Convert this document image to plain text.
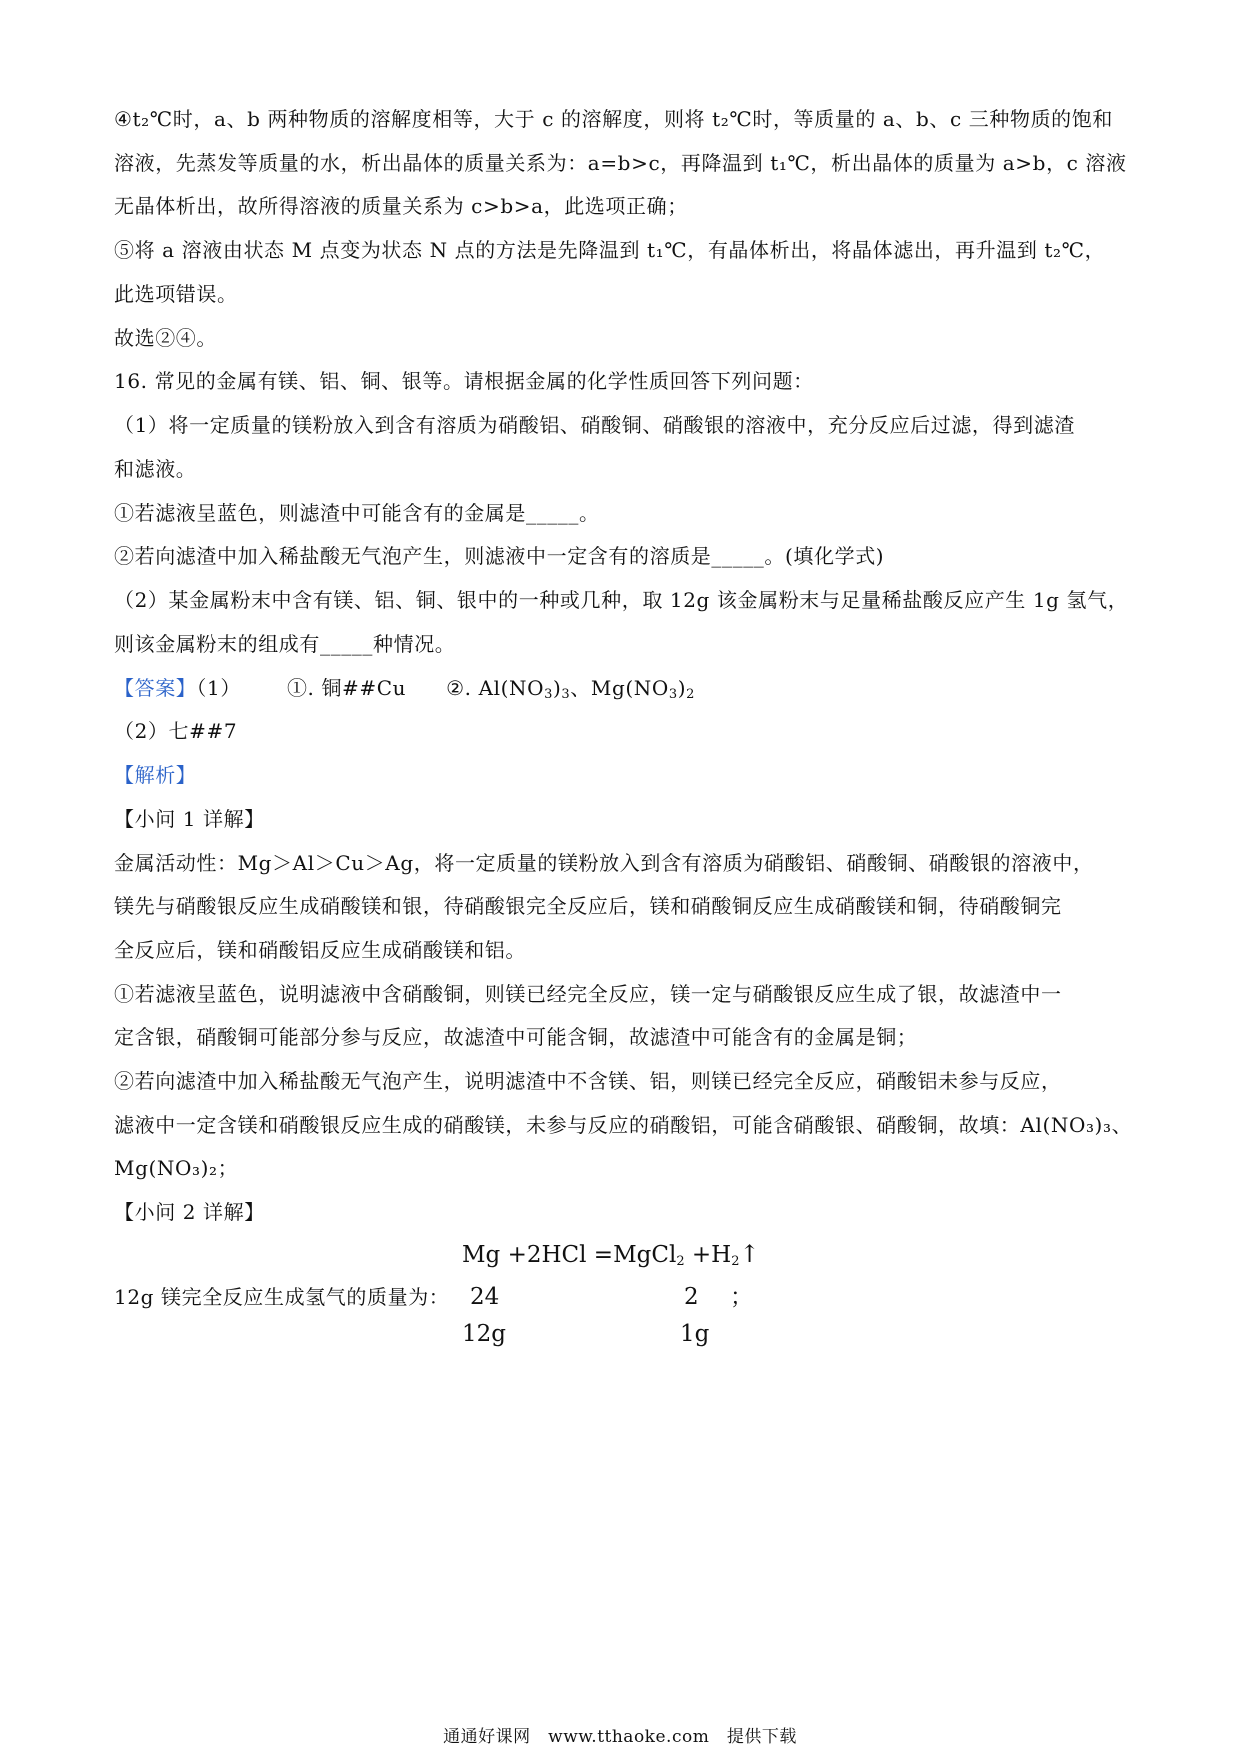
④t₂℃时，a、b 两种物质的溶解度相等，大于 c 的溶解度，则将 t₂℃时，等质量的 a、b、c 三种物质的饱和
溶液，先蒸发等质量的水，析出晶体的质量关系为：a=b>c，再降温到 t₁℃，析出晶体的质量为 a>b，c 溶液
无晶体析出，故所得溶液的质量关系为 c>b>a，此选项正确；
⑤将 a 溶液由状态 M 点变为状态 N 点的方法是先降温到 t₁℃，有晶体析出，将晶体滤出，再升温到 t₂℃，
此选项错误。
故选②④。
16. 常见的金属有镁、铝、铜、银等。请根据金属的化学性质回答下列问题：
（1）将一定质量的镁粉放入到含有溶质为硝酸铝、硝酸铜、硝酸银的溶液中，充分反应后过滤，得到滤渣
和滤液。
①若滤液呈蓝色，则滤渣中可能含有的金属是_____。
②若向滤渣中加入稀盐酸无气泡产生，则滤液中一定含有的溶质是_____。(填化学式)
（2）某金属粉末中含有镁、铝、铜、银中的一种或几种，取 12g 该金属粉末与足量稀盐酸反应产生 1g 氢气，
则该金属粉末的组成有_____种情况。
【答案】（1） ①. 铜##Cu ②. $Al(NO_3)_3$、$Mg(NO_3)_2$
（2）七##7
【解析】
【小问 1 详解】
金属活动性：Mg＞Al＞Cu＞Ag，将一定质量的镁粉放入到含有溶质为硝酸铝、硝酸铜、硝酸银的溶液中，
镁先与硝酸银反应生成硝酸镁和银，待硝酸银完全反应后，镁和硝酸铜反应生成硝酸镁和铜，待硝酸铜完
全反应后，镁和硝酸铝反应生成硝酸镁和铝。
①若滤液呈蓝色，说明滤液中含硝酸铜，则镁已经完全反应，镁一定与硝酸银反应生成了银，故滤渣中一
定含银，硝酸铜可能部分参与反应，故滤渣中可能含铜，故滤渣中可能含有的金属是铜；
②若向滤渣中加入稀盐酸无气泡产生，说明滤渣中不含镁、铝，则镁已经完全反应，硝酸铝未参与反应，
滤液中一定含镁和硝酸银反应生成的硝酸镁，未参与反应的硝酸铝，可能含硝酸银、硝酸铜，故填：Al(NO₃)₃、
Mg(NO₃)₂；
【小问 2 详解】
Mg +2HCl =MgCl$_2$ $+H_2↑$
12g 镁完全反应生成氢气的质量为： 24	2 ；
12g	1g
通通好课网　www.tthaoke.com　提供下载
